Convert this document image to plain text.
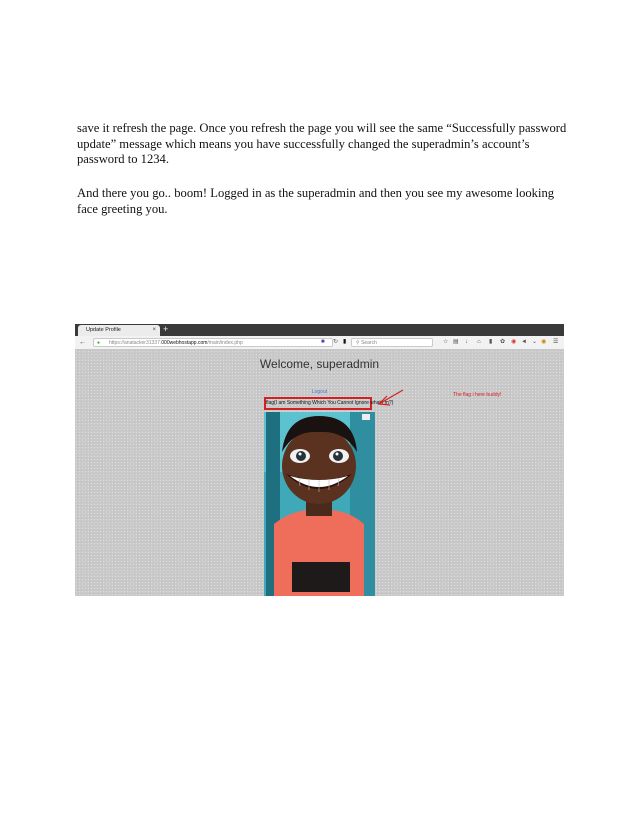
save it refresh the page. Once you refresh the page you will see the same “Successfully password update” message which means you have successfully changed the superadmin’s account’s password to 1234.

And there you go.. boom! Logged in as the superadmin and then you see my awesome looking face greeting you.

Update Profile	× +
← ● https://anatacker31337.000webhostapp.com/main/index.php	■ ↻ ▮	⚲ Search	☆ ▤ ↓ ⌂ ▮ ✿ ◉ ◄ ⌄ ◉ ☰
Welcome, superadmin
Logout
flag{I am Something Which You Cannot Ignore what i m?}
The flag i here buddy!
